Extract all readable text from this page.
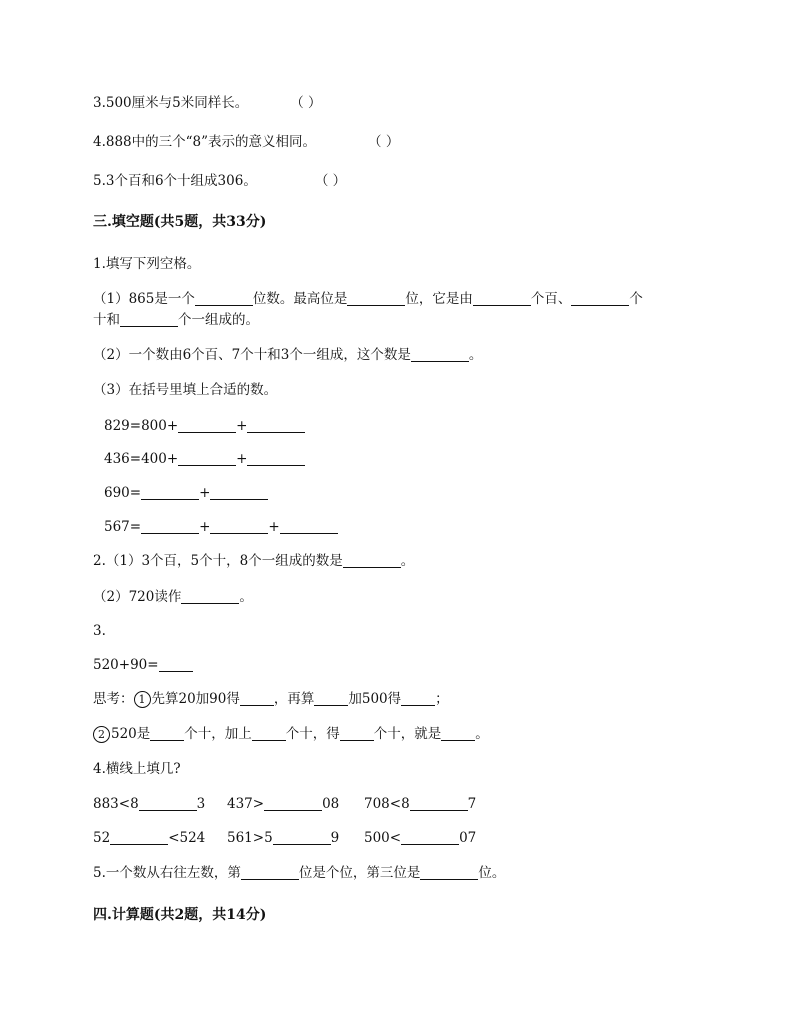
3.500厘米与5米同样长。	（ ）
4.888中的三个“8”表示的意义相同。	（ ）
5.3个百和6个十组成306。	（ ）
三.填空题(共5题，共33分)
1.填写下列空格。
（1）865是一个	位数。最高位是	位，它是由	个百、	个
十和	个一组成的。
（2）一个数由6个百、7个十和3个一组成，这个数是	。
（3）在括号里填上合适的数。
829=800+	+
436=400+	+
690=	+
567=	+	+
2.（1）3个百，5个十，8个一组成的数是	。
（2）720读作	。
3.
520+90=
思考： 1 先算20加90得	，再算	加500得	；
2 520是	个十，加上	个十，得	个十，就是	。
4.横线上填几?
883<8	3 437>	08 708<8	7
52	<524 561>5	9 500<	07
5.一个数从右往左数，第	位是个位，第三位是	位。
四.计算题(共2题，共14分)
